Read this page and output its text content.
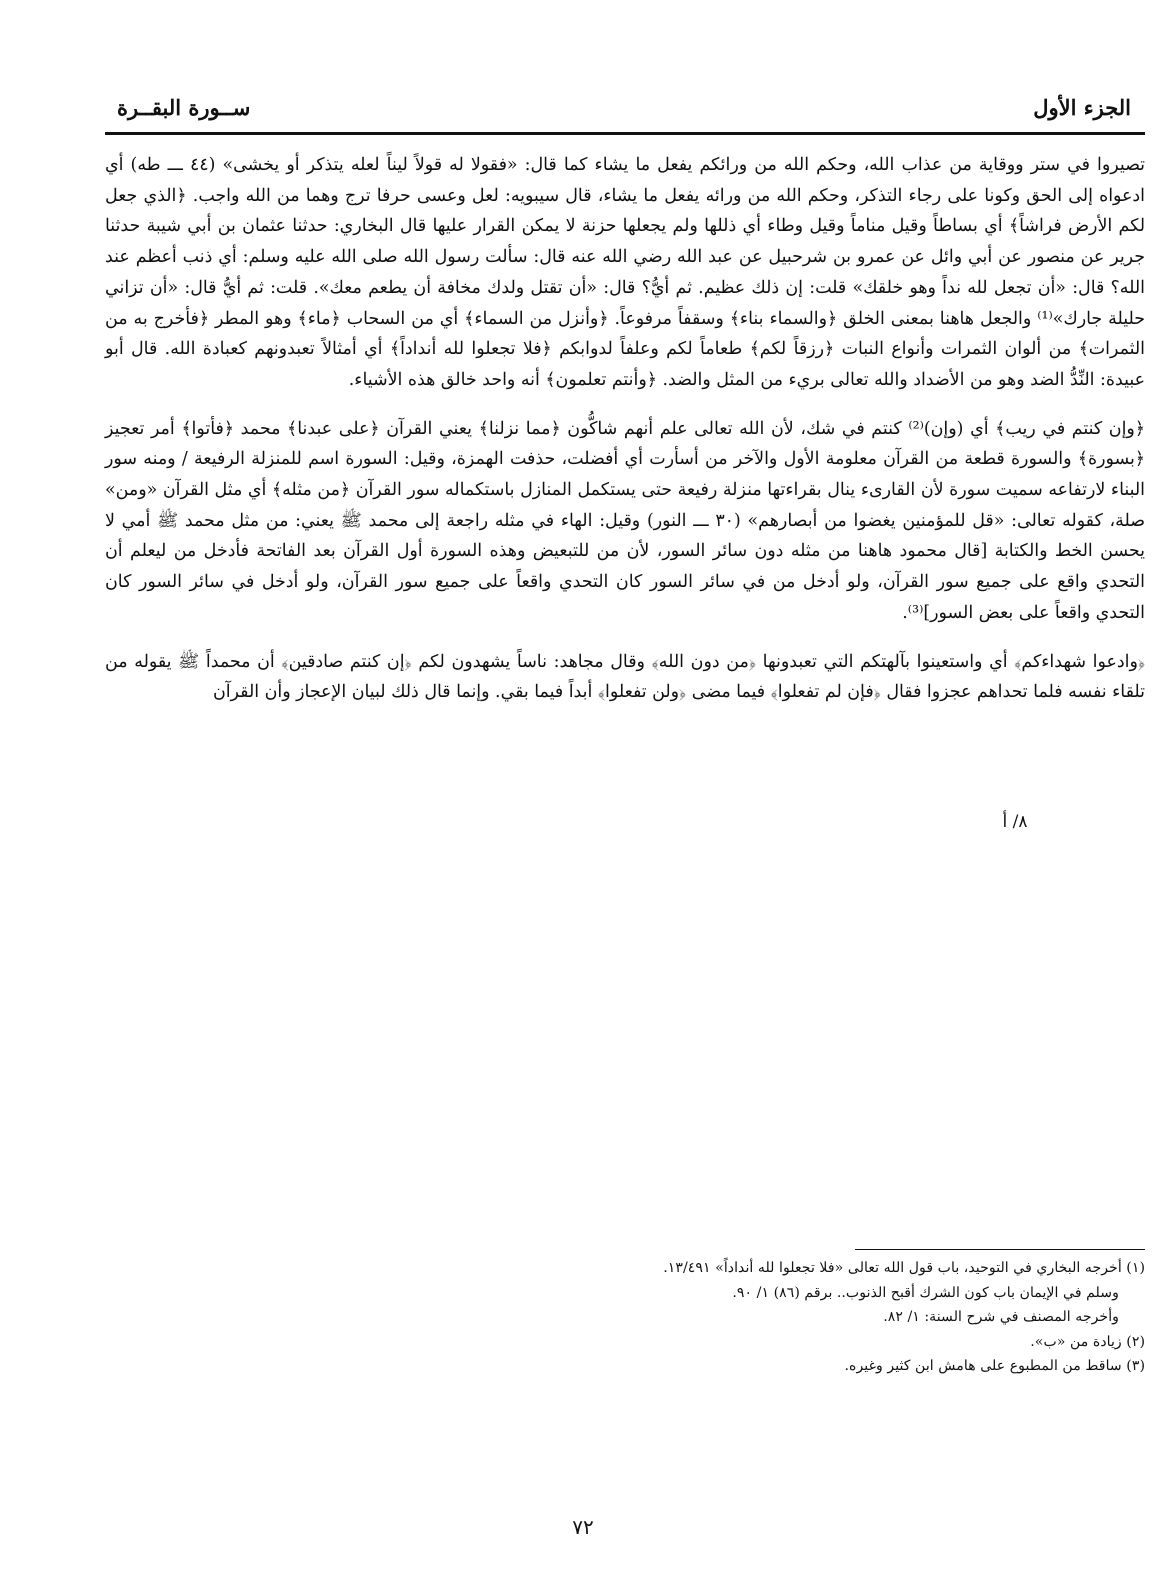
الجزء الأول
ســورة البقــرة

تصيروا في ستر ووقاية من عذاب الله، وحكم الله من ورائكم يفعل ما يشاء كما قال: «فقولا له قولاً ليناً لعله يتذكر أو يخشى» (٤٤ ـــ طه) أي ادعواه إلى الحق وكونا على رجاء التذكر، وحكم الله من ورائه يفعل ما يشاء، قال سيبويه: لعل وعسى حرفا ترج وهما من الله واجب. ﴿الذي جعل لكم الأرض فراشاً﴾ أي بساطاً وقيل مناماً وقيل وطاء أي ذللها ولم يجعلها حزنة لا يمكن القرار عليها قال البخاري: حدثنا عثمان بن أبي شيبة حدثنا جرير عن منصور عن أبي وائل عن عمرو بن شرحبيل عن عبد الله رضي الله عنه قال: سألت رسول الله صلى الله عليه وسلم: أي ذنب أعظم عند الله؟ قال: «أن تجعل لله نداً وهو خلقك» قلت: إن ذلك عظيم. ثم أيُّ؟ قال: «أن تقتل ولدك مخافة أن يطعم معك». قلت: ثم أيُّ قال: «أن تزاني حليلة جارك»⁽¹⁾ والجعل هاهنا بمعنى الخلق ﴿والسماء بناء﴾ وسقفاً مرفوعاً. ﴿وأنزل من السماء﴾ أي من السحاب ﴿ماء﴾ وهو المطر ﴿فأخرج به من الثمرات﴾ من ألوان الثمرات وأنواع النبات ﴿رزقاً لكم﴾ طعاماً لكم وعلفاً لدوابكم ﴿فلا تجعلوا لله أنداداً﴾ أي أمثالاً تعبدونهم كعبادة الله. قال أبو عبيدة: النِّدُّ الضد وهو من الأضداد والله تعالى بريء من المثل والضد. ﴿وأنتم تعلمون﴾ أنه واحد خالق هذه الأشياء.

﴿وإن كنتم في ريب﴾ أي (وإن)⁽²⁾ كنتم في شك، لأن الله تعالى علم أنهم شاكُّون ﴿مما نزلنا﴾ يعني القرآن ﴿على عبدنا﴾ محمد ﴿فأتوا﴾ أمر تعجيز ﴿بسورة﴾ والسورة قطعة من القرآن معلومة الأول والآخر من أسأرت أي أفضلت، حذفت الهمزة، وقيل: السورة اسم للمنزلة الرفيعة / ومنه سور البناء لارتفاعه سميت سورة لأن القارىء ينال بقراءتها منزلة رفيعة حتى يستكمل المنازل باستكماله سور القرآن ﴿من مثله﴾ أي مثل القرآن «ومن» صلة، كقوله تعالى: «قل للمؤمنين يغضوا من أبصارهم» (٣٠ ـــ النور) وقيل: الهاء في مثله راجعة إلى محمد ﷺ يعني: من مثل محمد ﷺ أمي لا يحسن الخط والكتابة [قال محمود هاهنا من مثله دون سائر السور، لأن من للتبعيض وهذه السورة أول القرآن بعد الفاتحة فأدخل من ليعلم أن التحدي واقع على جميع سور القرآن، ولو أدخل من في سائر السور كان التحدي واقعاً على جميع سور القرآن، ولو أدخل في سائر السور كان التحدي واقعاً على بعض السور]⁽³⁾.

﴿وادعوا شهداءكم﴾ أي واستعينوا بآلهتكم التي تعبدونها ﴿من دون الله﴾ وقال مجاهد: ناساً يشهدون لكم ﴿إن كنتم صادقين﴾ أن محمداً ﷺ يقوله من تلقاء نفسه فلما تحداهم عجزوا فقال ﴿فإن لم تفعلوا﴾ فيما مضى ﴿ولن تفعلوا﴾ أبداً فيما بقي. وإنما قال ذلك لبيان الإعجاز وأن القرآن

٨/ أ

(١) أخرجه البخاري في التوحيد، باب قول الله تعالى «فلا تجعلوا لله أنداداً» ١٣/٤٩١.

وسلم في الإيمان باب كون الشرك أقبح الذنوب.. برقم (٨٦) ١/ ٩٠.

وأخرجه المصنف في شرح السنة: ١/ ٨٢.

(٢) زيادة من «ب».

(٣) ساقط من المطبوع على هامش ابن كثير وغيره.

٧٢
